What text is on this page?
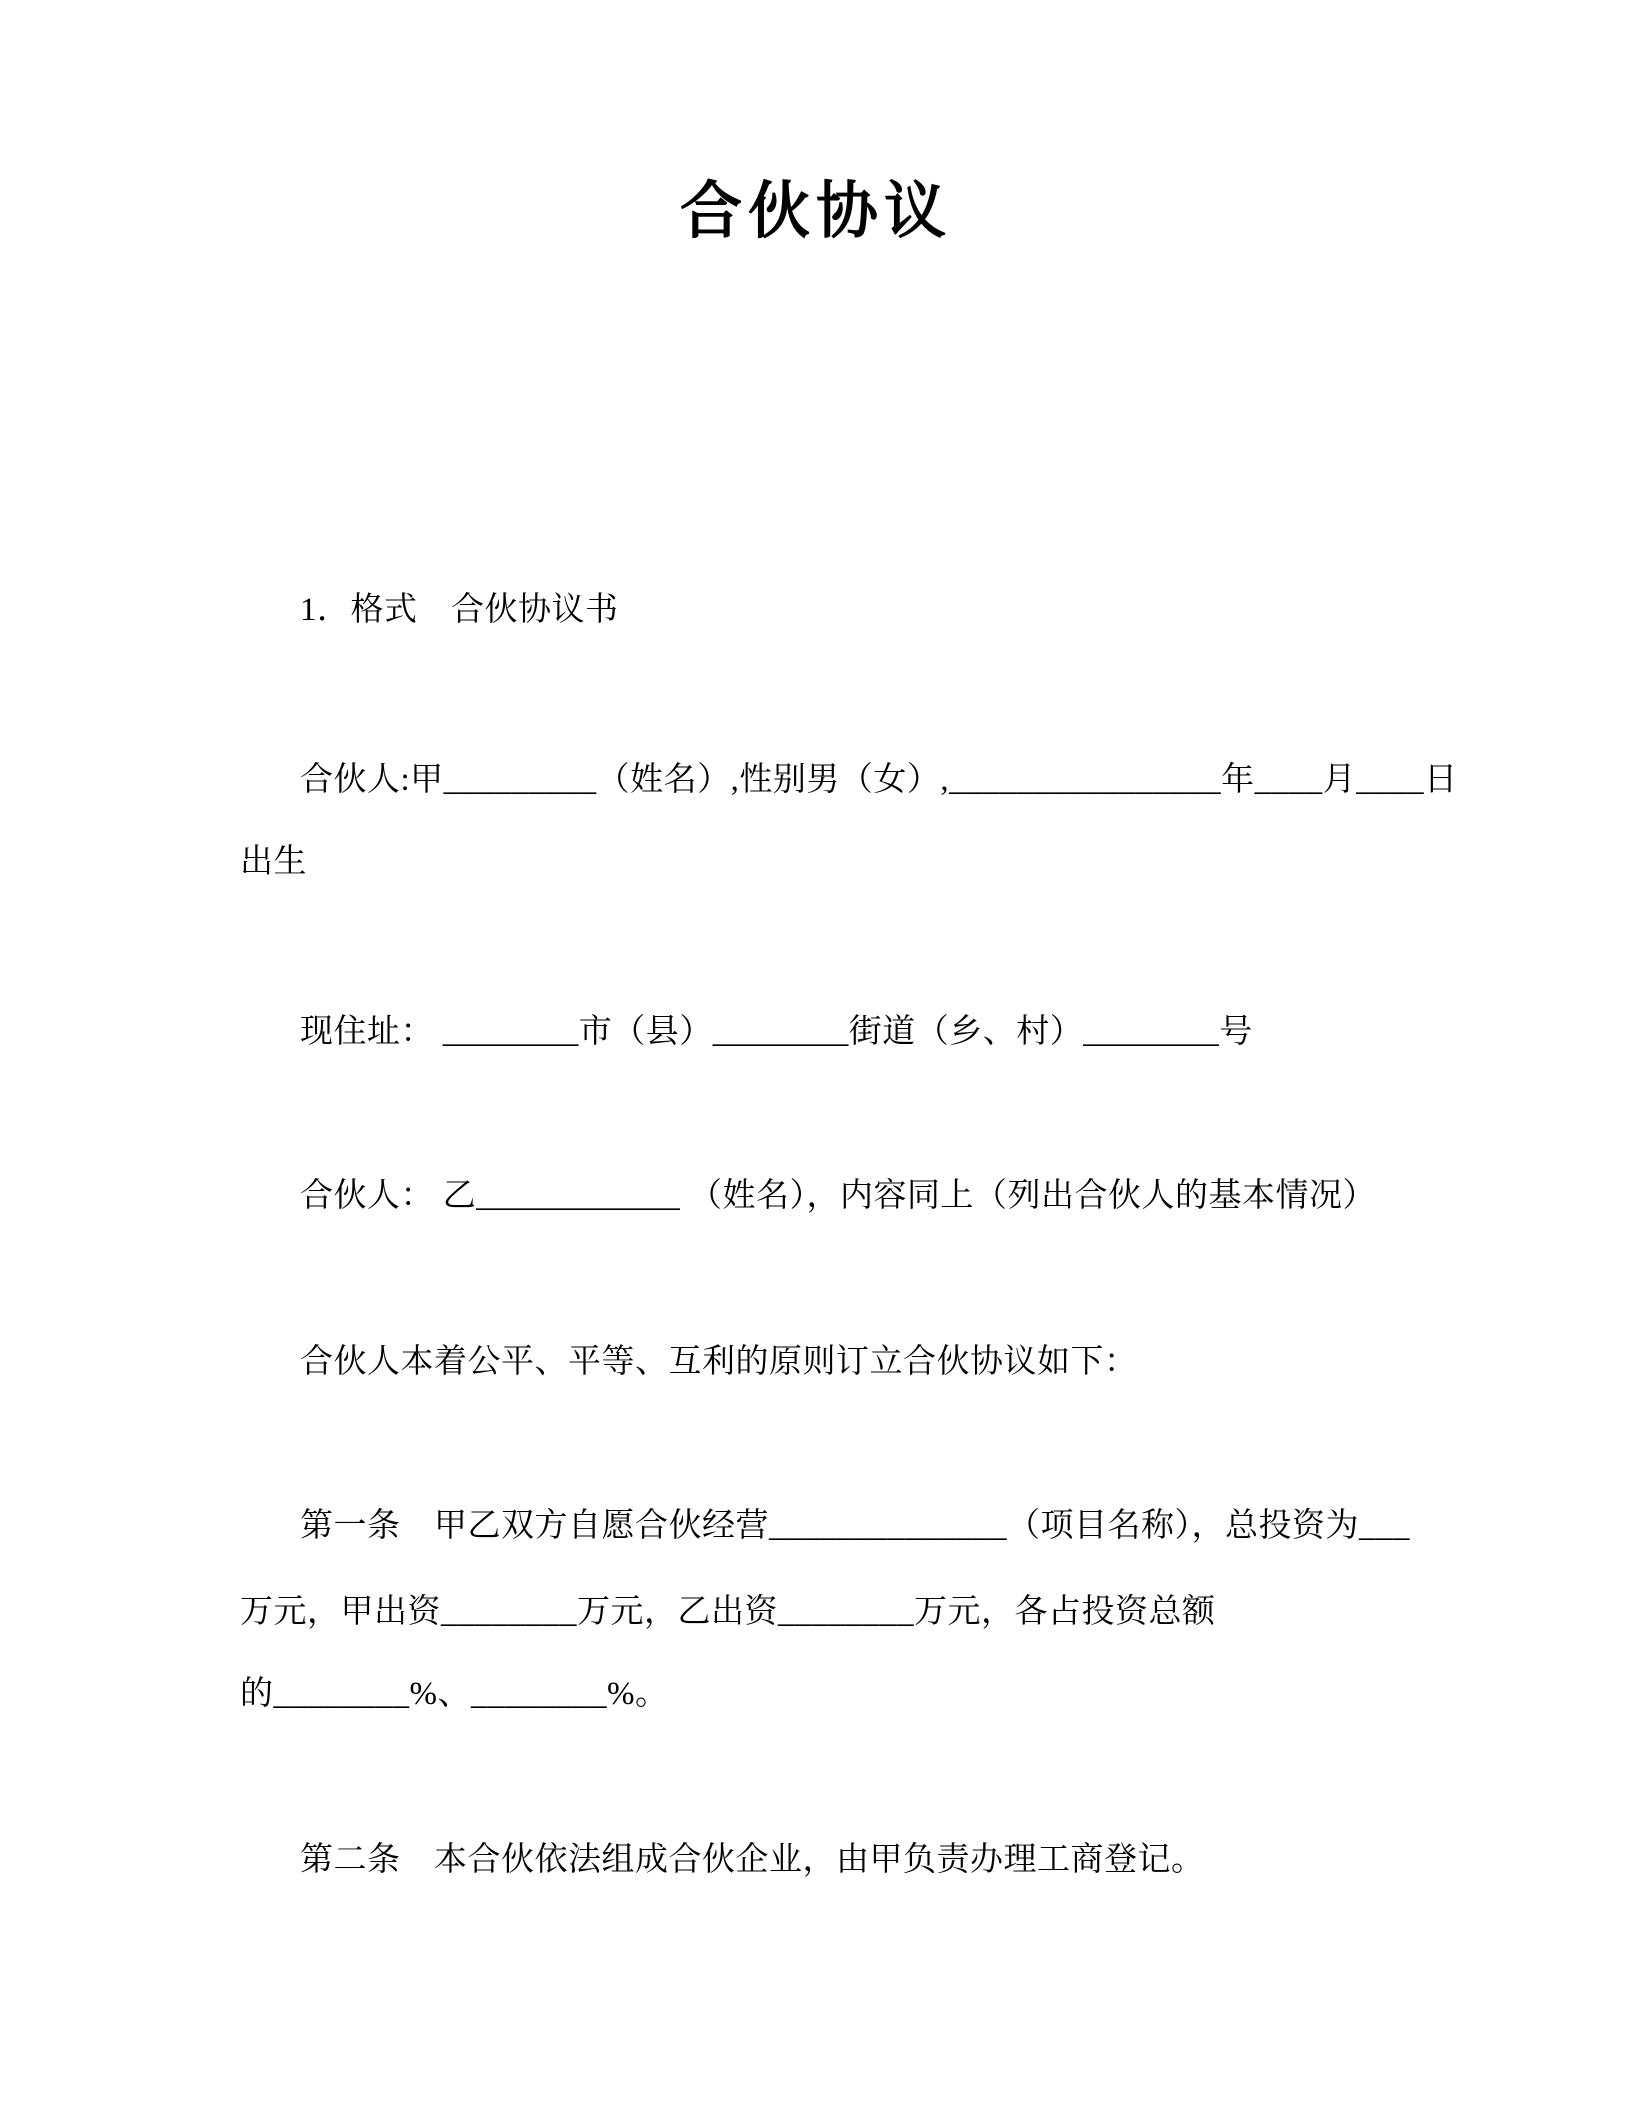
合伙协议
1．格式　合伙协议书
合伙人:甲_________（姓名）,性别男（女）,________________年____月____日
出生
现住址： ________市（县）________街道（乡、村）________号
合伙人： 乙____________ （姓名），内容同上（列出合伙人的基本情况）
合伙人本着公平、平等、互利的原则订立合伙协议如下：
第一条　甲乙双方自愿合伙经营______________（项目名称），总投资为___
万元，甲出资________万元，乙出资________万元，各占投资总额
的________%、________%。
第二条　本合伙依法组成合伙企业，由甲负责办理工商登记。
